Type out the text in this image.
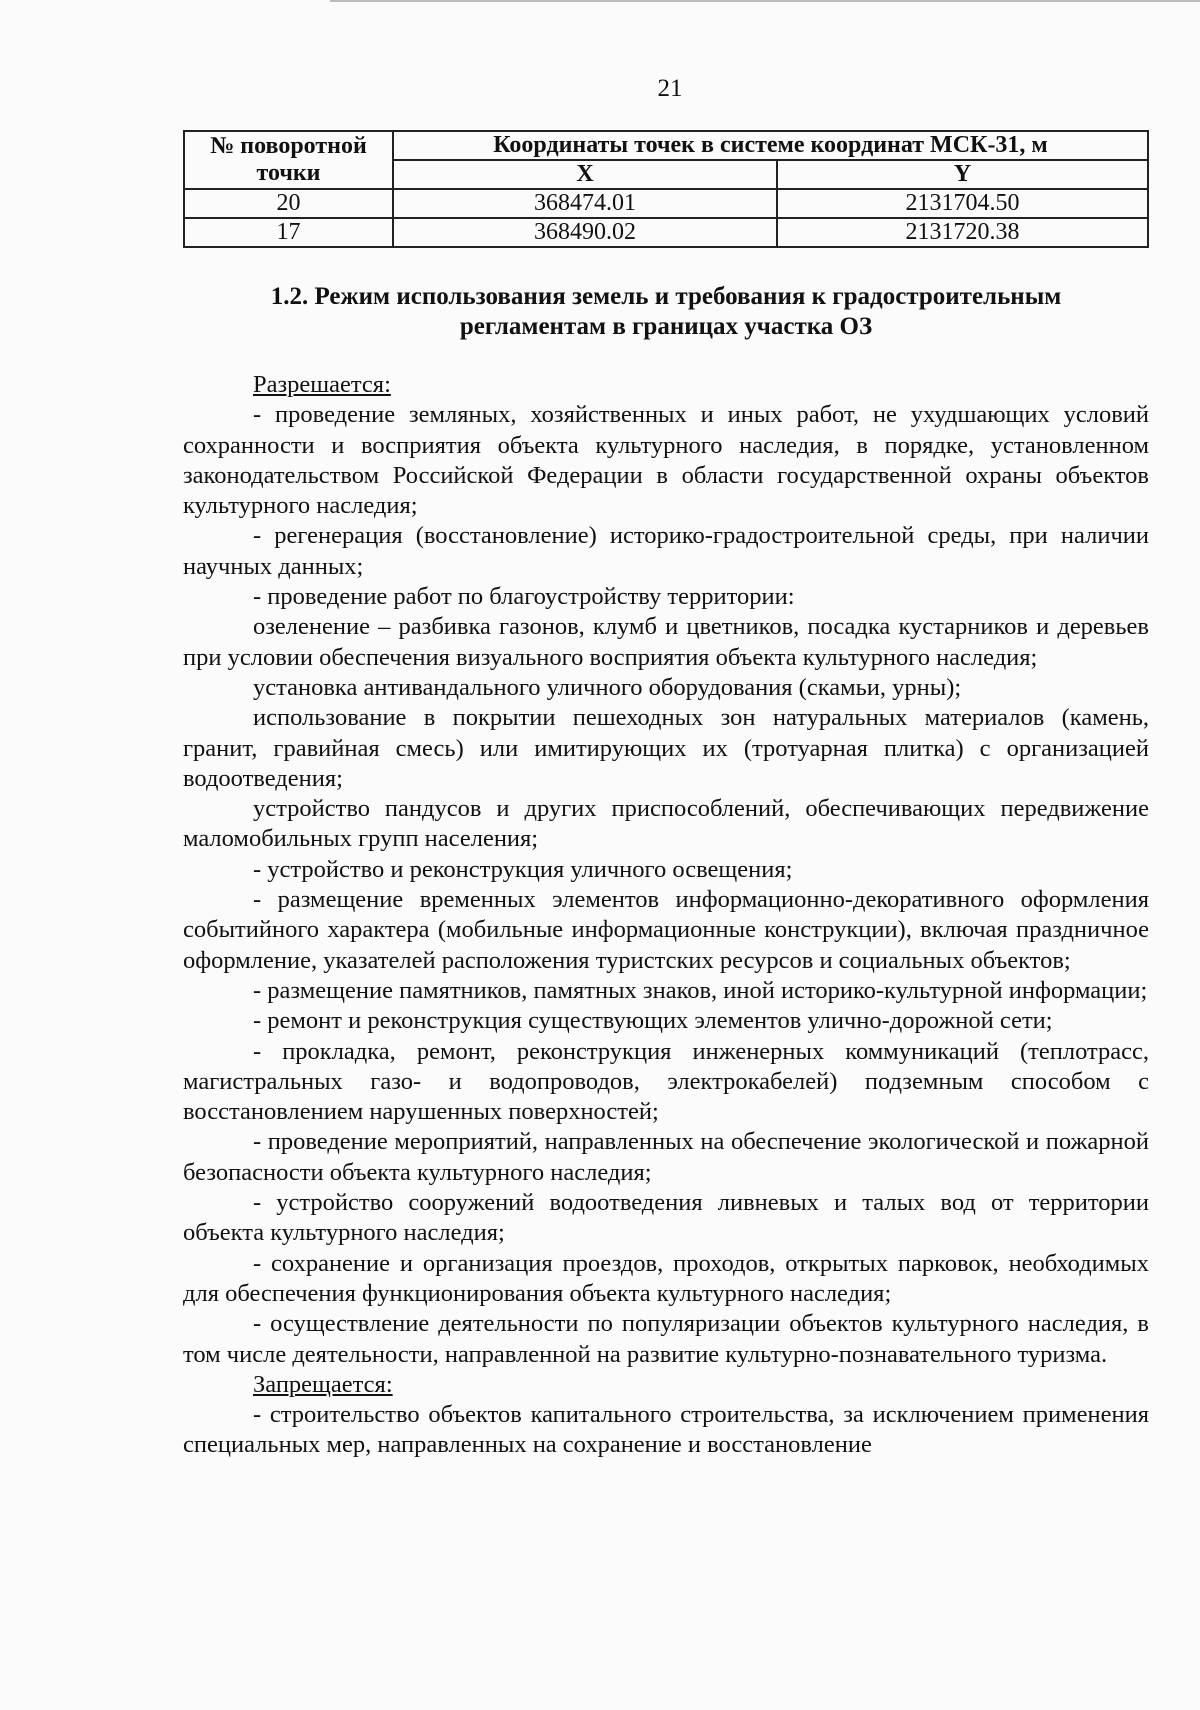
21
№ поворотной точки	Координаты точек в системе координат МСК-31, м	
	X	Y
20	368474.01	2131704.50
17	368490.02	2131720.38
1.2. Режим использования земель и требования к градостроительным
регламентам в границах участка ОЗ

Разрешается:

- проведение земляных, хозяйственных и иных работ, не ухудшающих условий сохранности и восприятия объекта культурного наследия, в порядке, установленном законодательством Российской Федерации в области государственной охраны объектов культурного наследия;

- регенерация (восстановление) историко-градостроительной среды, при наличии научных данных;

- проведение работ по благоустройству территории:

озеленение – разбивка газонов, клумб и цветников, посадка кустарников и деревьев при условии обеспечения визуального восприятия объекта культурного наследия;

установка антивандального уличного оборудования (скамьи, урны);

использование в покрытии пешеходных зон натуральных материалов (камень, гранит, гравийная смесь) или имитирующих их (тротуарная плитка) с организацией водоотведения;

устройство пандусов и других приспособлений, обеспечивающих передвижение маломобильных групп населения;

- устройство и реконструкция уличного освещения;

- размещение временных элементов информационно-декоративного оформления событийного характера (мобильные информационные конструкции), включая праздничное оформление, указателей расположения туристских ресурсов и социальных объектов;

- размещение памятников, памятных знаков, иной историко-культурной информации;

- ремонт и реконструкция существующих элементов улично-дорожной сети;

- прокладка, ремонт, реконструкция инженерных коммуникаций (теплотрасс, магистральных газо- и водопроводов, электрокабелей) подземным способом с восстановлением нарушенных поверхностей;

- проведение мероприятий, направленных на обеспечение экологической и пожарной безопасности объекта культурного наследия;

- устройство сооружений водоотведения ливневых и талых вод от территории объекта культурного наследия;

- сохранение и организация проездов, проходов, открытых парковок, необходимых для обеспечения функционирования объекта культурного наследия;

- осуществление деятельности по популяризации объектов культурного наследия, в том числе деятельности, направленной на развитие культурно-познавательного туризма.

Запрещается:

- строительство объектов капитального строительства, за исключением применения специальных мер, направленных на сохранение и восстановление
